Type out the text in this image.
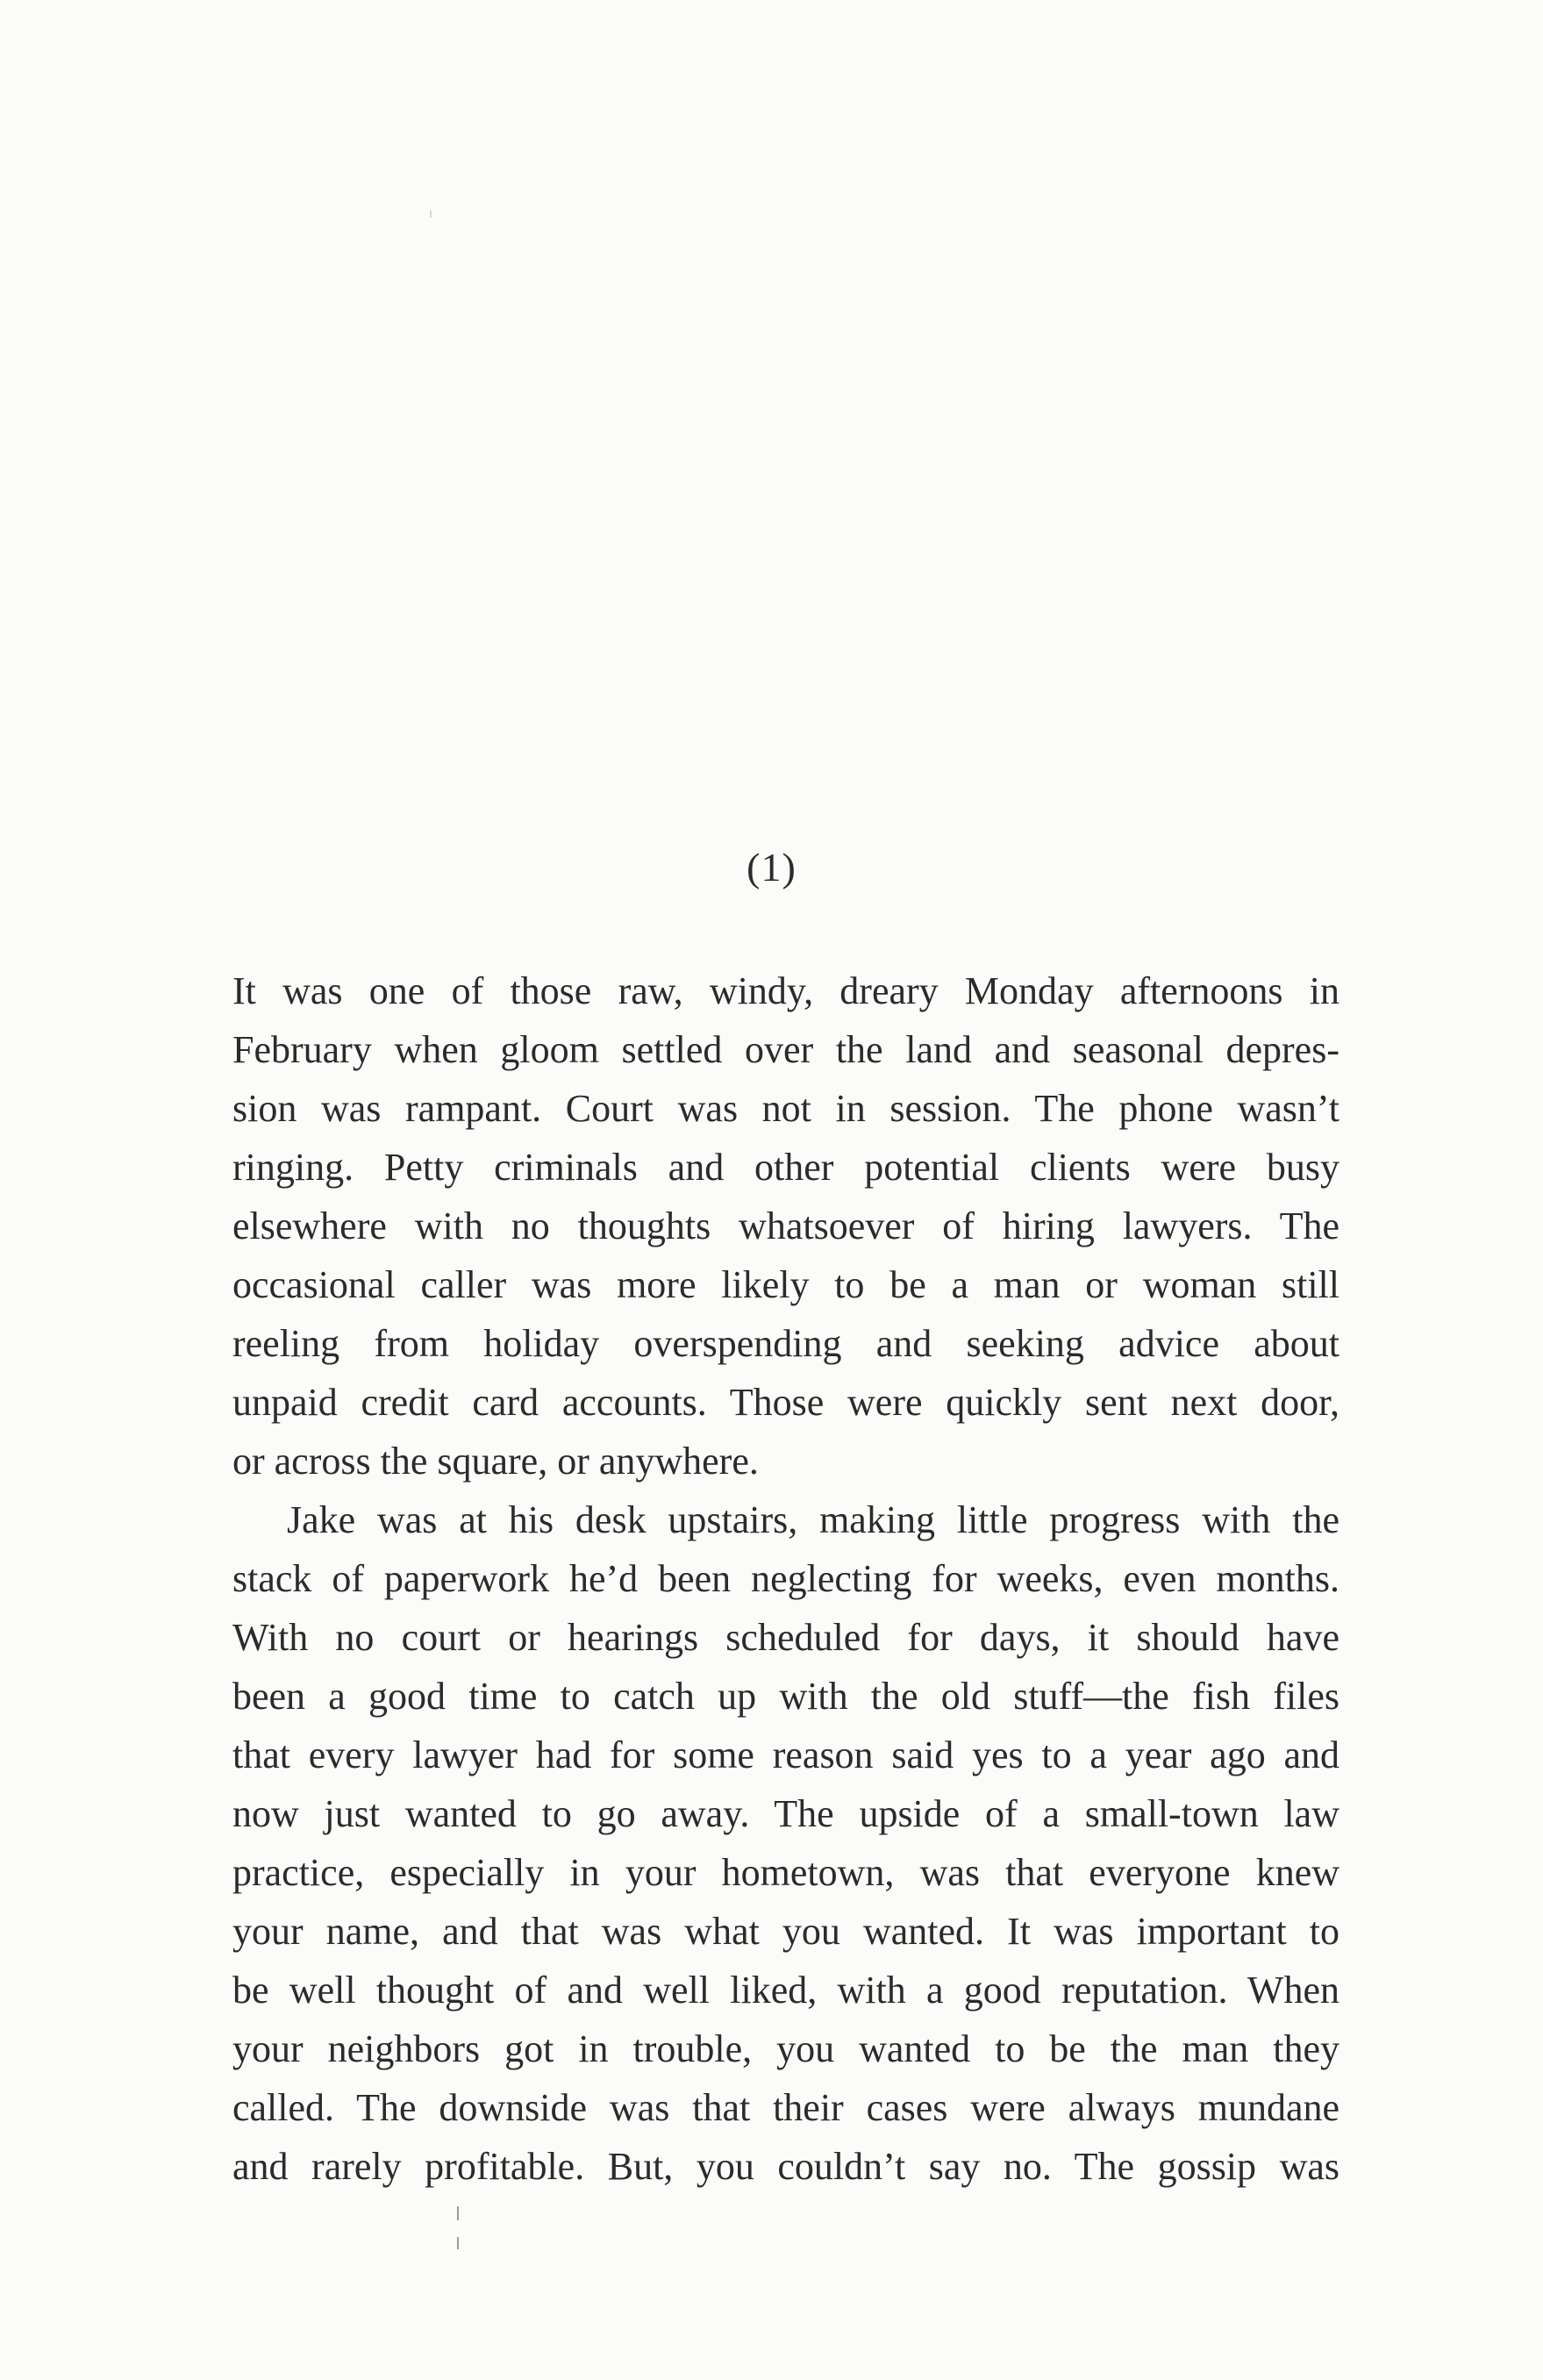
(1)
It was one of those raw, windy, dreary Monday afternoons in
February when gloom settled over the land and seasonal depres-
sion was rampant. Court was not in session. The phone wasn’t
ringing. Petty criminals and other potential clients were busy
elsewhere with no thoughts whatsoever of hiring lawyers. The
occasional caller was more likely to be a man or woman still
reeling from holiday overspending and seeking advice about
unpaid credit card accounts. Those were quickly sent next door,
or across the square, or anywhere.
Jake was at his desk upstairs, making little progress with the
stack of paperwork he’d been neglecting for weeks, even months.
With no court or hearings scheduled for days, it should have
been a good time to catch up with the old stuff—the fish files
that every lawyer had for some reason said yes to a year ago and
now just wanted to go away. The upside of a small-town law
practice, especially in your hometown, was that everyone knew
your name, and that was what you wanted. It was important to
be well thought of and well liked, with a good reputation. When
your neighbors got in trouble, you wanted to be the man they
called. The downside was that their cases were always mundane
and rarely profitable. But, you couldn’t say no. The gossip was
